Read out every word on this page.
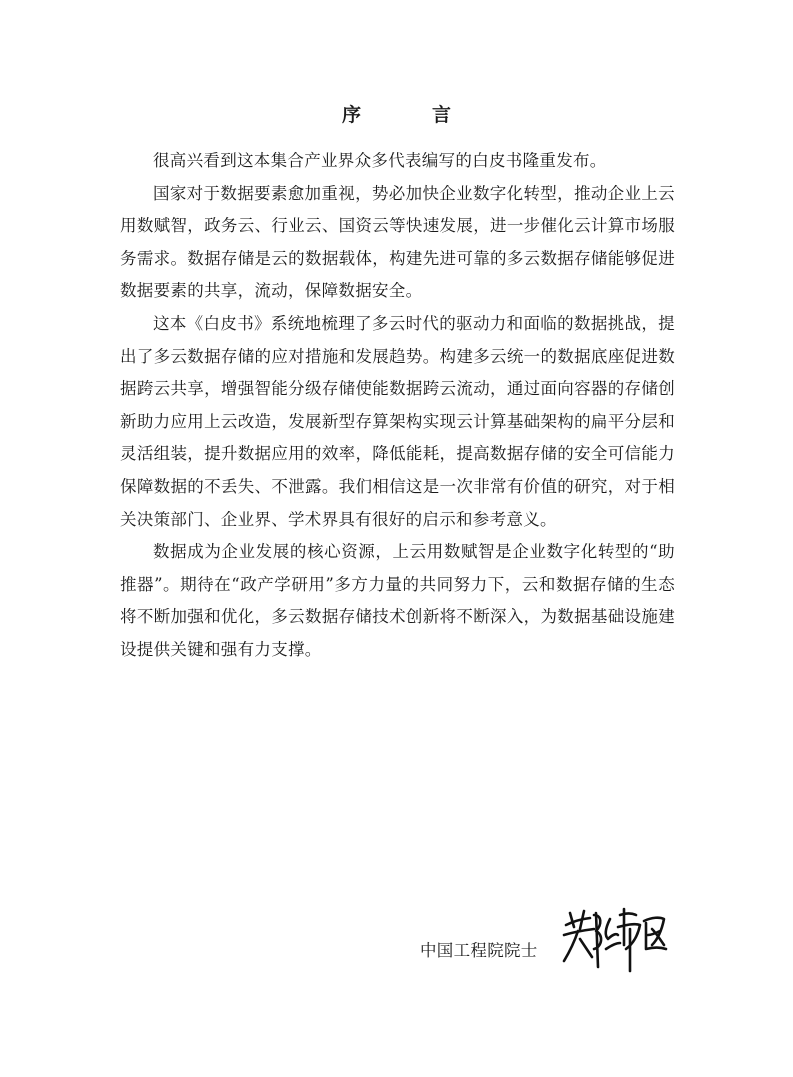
序　言

很高兴看到这本集合产业界众多代表编写的白皮书隆重发布。

国家对于数据要素愈加重视，势必加快企业数字化转型，推动企业上云用数赋智，政务云、行业云、国资云等快速发展，进一步催化云计算市场服务需求。数据存储是云的数据载体，构建先进可靠的多云数据存储能够促进数据要素的共享，流动，保障数据安全。

这本《白皮书》系统地梳理了多云时代的驱动力和面临的数据挑战，提出了多云数据存储的应对措施和发展趋势。构建多云统一的数据底座促进数据跨云共享，增强智能分级存储使能数据跨云流动，通过面向容器的存储创新助力应用上云改造，发展新型存算架构实现云计算基础架构的扁平分层和灵活组装，提升数据应用的效率，降低能耗，提高数据存储的安全可信能力保障数据的不丢失、不泄露。我们相信这是一次非常有价值的研究，对于相关决策部门、企业界、学术界具有很好的启示和参考意义。

数据成为企业发展的核心资源，上云用数赋智是企业数字化转型的“助推器”。期待在“政产学研用”多方力量的共同努力下，云和数据存储的生态将不断加强和优化，多云数据存储技术创新将不断深入，为数据基础设施建设提供关键和强有力支撑。

中国工程院院士
